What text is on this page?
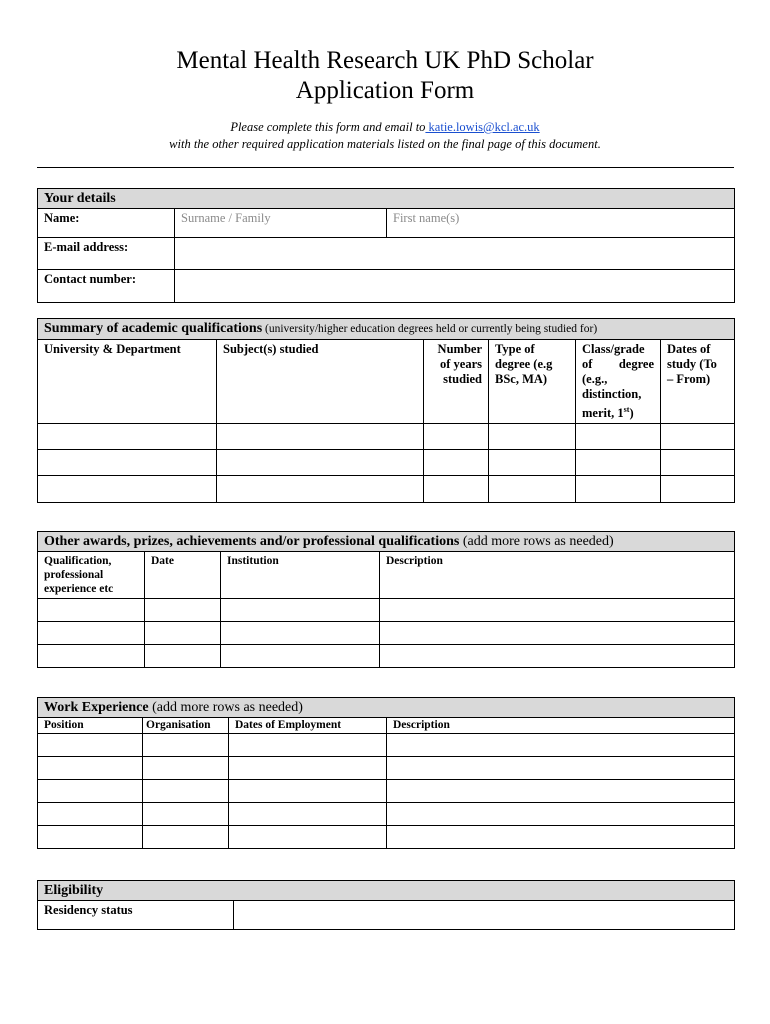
Mental Health Research UK PhD Scholar
Application Form
Please complete this form and email to katie.lowis@kcl.ac.uk
with the other required application materials listed on the final page of this document.
Your details		
Name:	Surname / Family	First name(s)
E-mail address:		
Contact number:		
Summary of academic qualifications (university/higher education degrees held or currently being studied for)					
University & Department	Subject(s) studied	Number
of years
studied	Type of
degree (e.g
BSc, MA)	Class/grade

of degree
(e.g.,
distinction,
merit, 1st)	Dates of
study (To
– From)

Other awards, prizes, achievements and/or professional qualifications (add more rows as needed)			
Qualification,
professional
experience etc	Date	Institution	Description

Work Experience (add more rows as needed)			
Position	Organisation	Dates of Employment	Description

Eligibility
Residency status	
